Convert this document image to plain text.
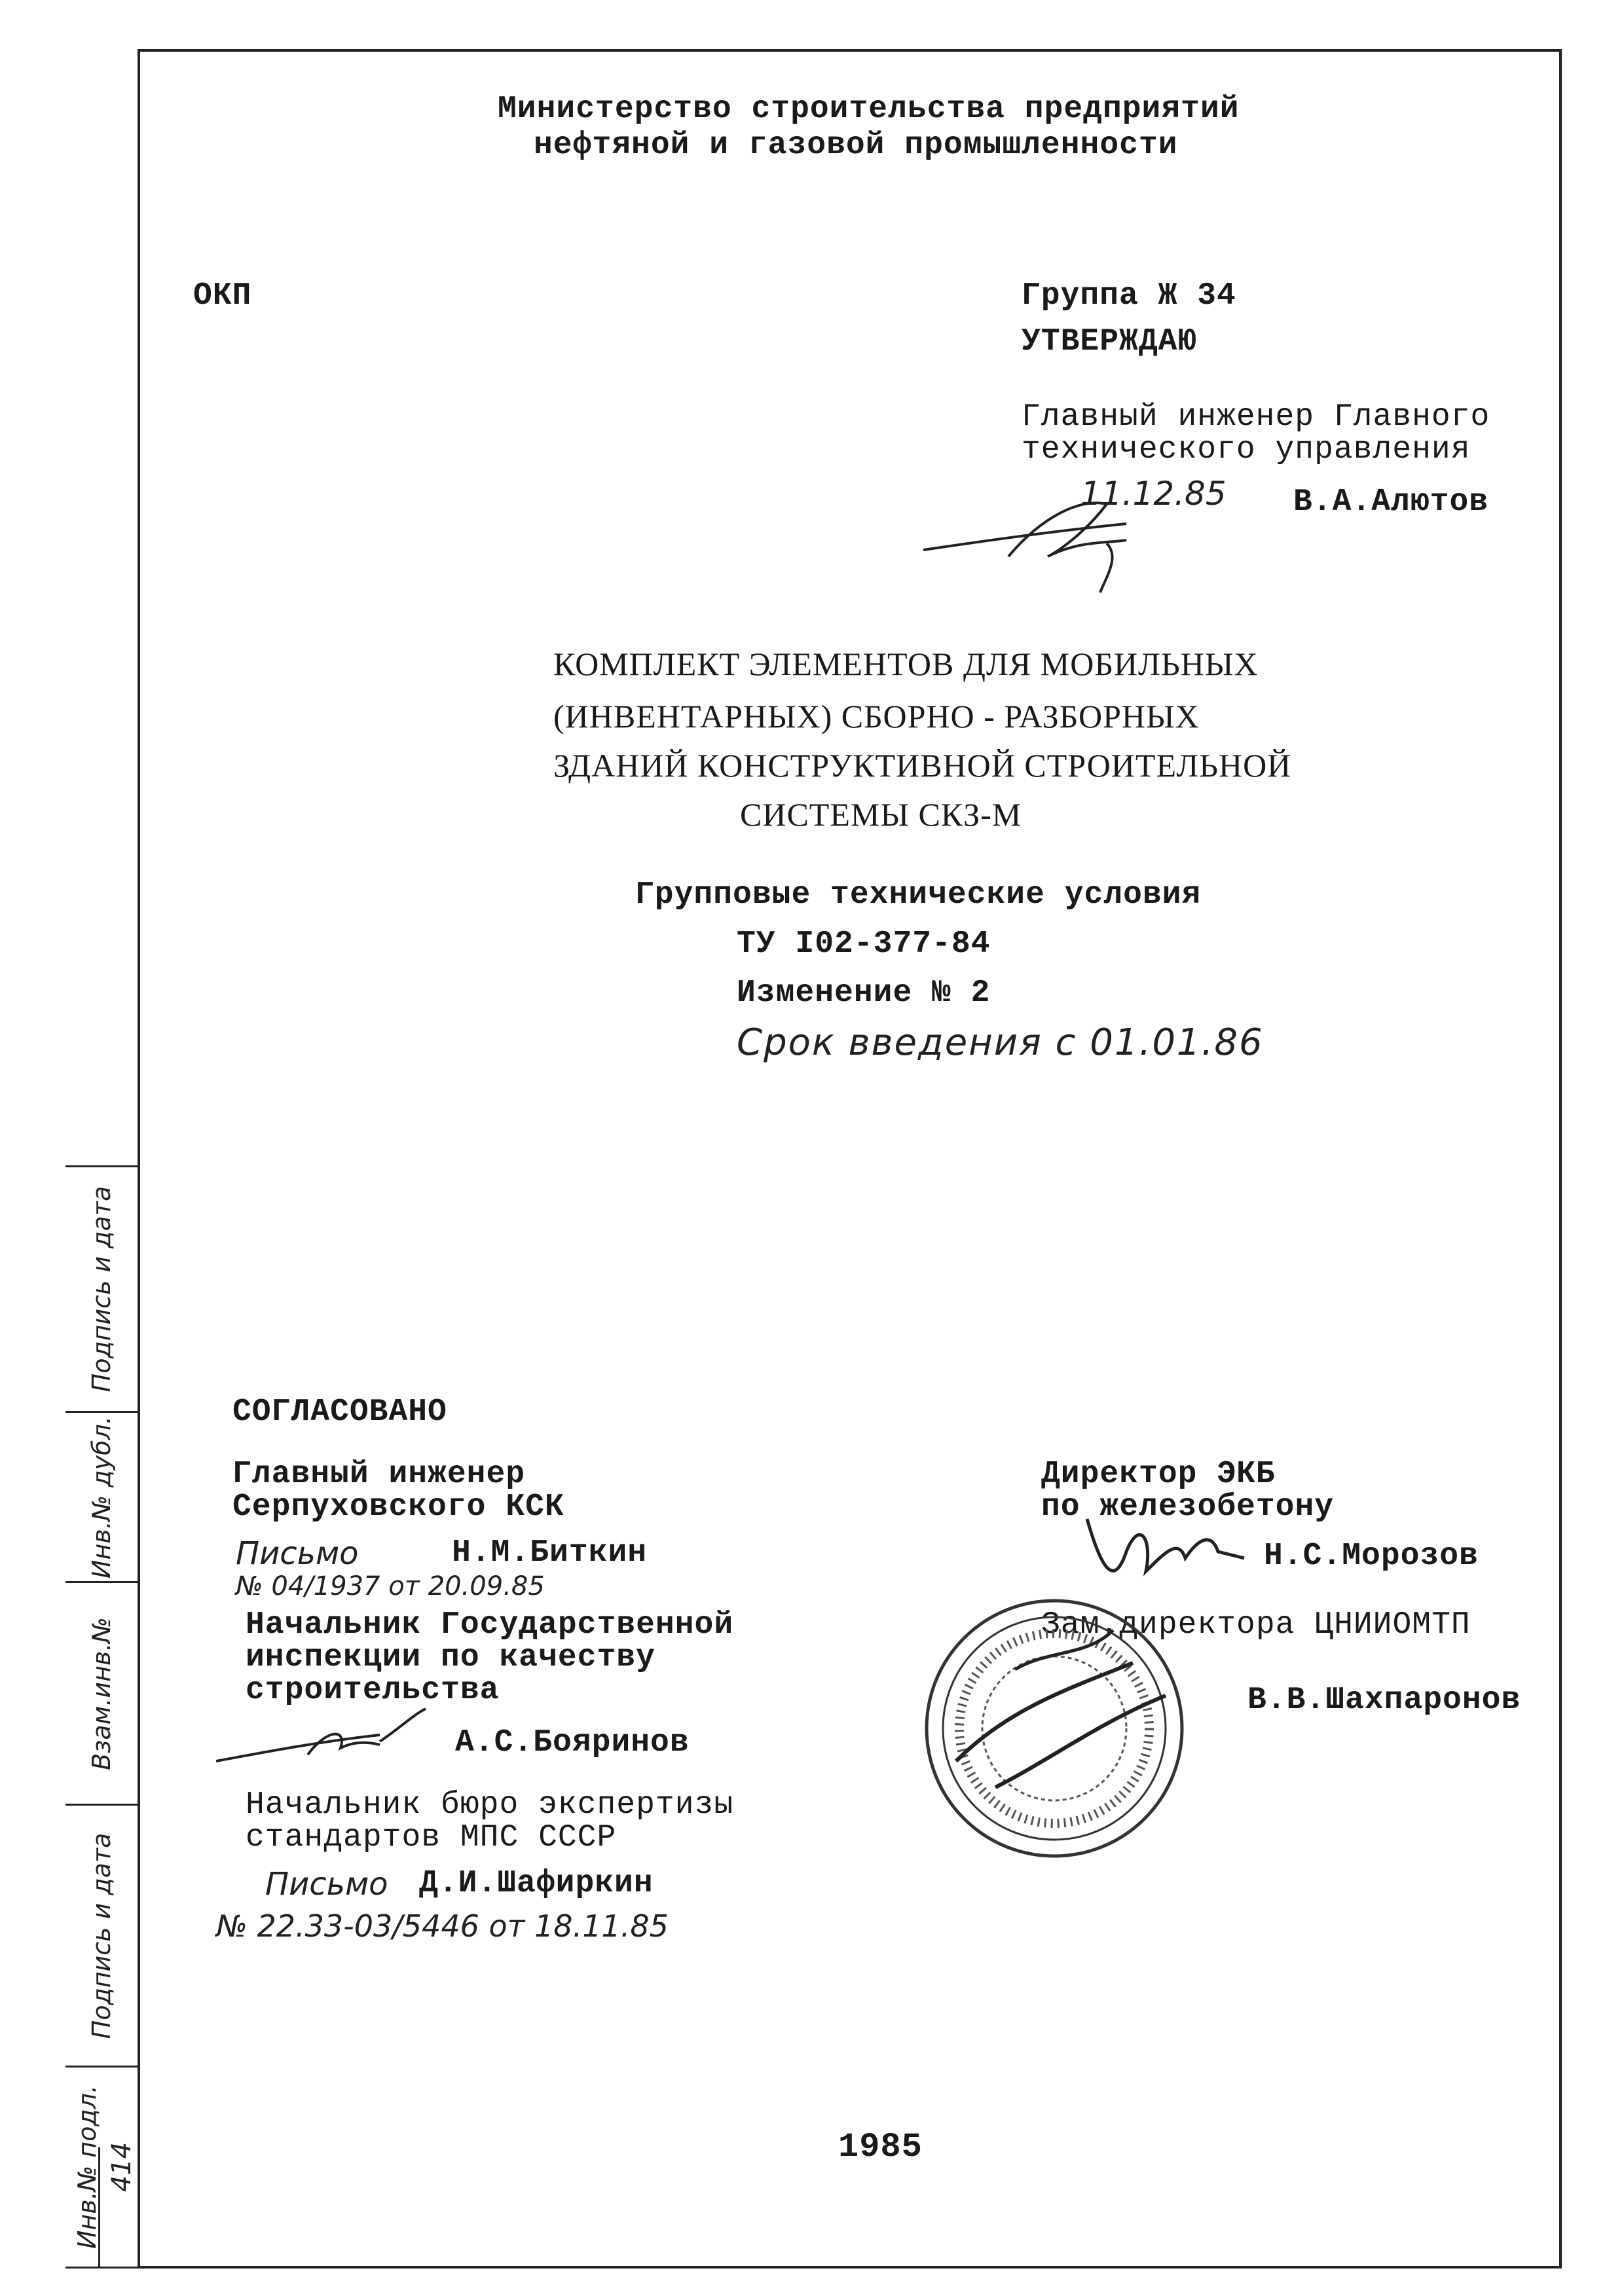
Подпись и дата
Инв.№ дубл.
Взам.инв.№
Подпись и дата
Инв.№ подл. 414
Министерство строительства предприятий
нефтяной и газовой промышленности
ОКП	Группа Ж 34
УТВЕРЖДАЮ
Главный инженер Главного
технического управления
11.12.85 В.А.Алютов
КОМПЛЕКТ ЭЛЕМЕНТОВ ДЛЯ МОБИЛЬНЫХ
(ИНВЕНТАРНЫХ) СБОРНО - РАЗБОРНЫХ
ЗДАНИЙ КОНСТРУКТИВНОЙ СТРОИТЕЛЬНОЙ
СИСТЕМЫ СКЗ-М
Групповые технические условия
ТУ I02-377-84
Изменение № 2
Срок введения с 01.01.86
СОГЛАСОВАНО
Главный инженер
Серпуховского КСК
Письмо	Н.М.Биткин
№ 04/1937 от 20.09.85
Начальник Государственной
инспекции по качеству
строительства
А.С.Бояринов
Начальник бюро экспертизы
стандартов МПС СССР
Письмо Д.И.Шафиркин
№ 22.33-03/5446 от 18.11.85
Директор ЭКБ
по железобетону
Н.С.Морозов
Зам.директора ЦНИИОМТП
В.В.Шахпаронов
1985
